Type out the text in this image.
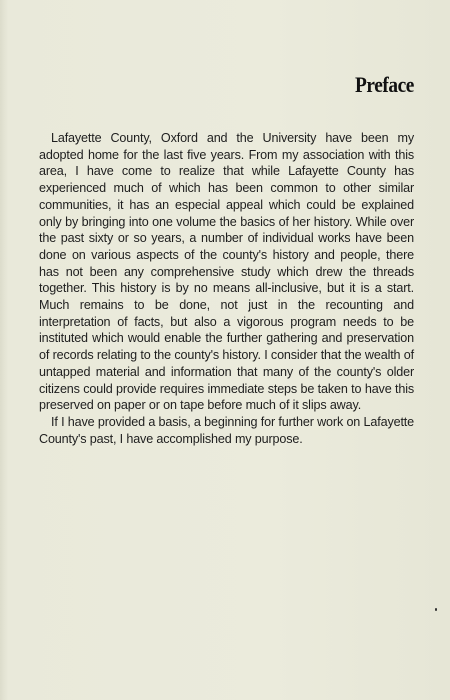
Preface

Lafayette County, Oxford and the University have been my adopted home for the last five years. From my association with this area, I have come to realize that while Lafayette County has experienced much of which has been common to other similar communities, it has an especial appeal which could be explained only by bringing into one volume the basics of her history. While over the past sixty or so years, a number of individual works have been done on various aspects of the county's history and people, there has not been any comprehensive study which drew the threads together. This history is by no means all-inclusive, but it is a start. Much remains to be done, not just in the recounting and interpretation of facts, but also a vigorous program needs to be instituted which would enable the further gathering and preservation of records relating to the county's history. I consider that the wealth of untapped material and information that many of the county's older citizens could provide requires immediate steps be taken to have this preserved on paper or on tape before much of it slips away.

If I have provided a basis, a beginning for further work on Lafayette County's past, I have accomplished my purpose.
